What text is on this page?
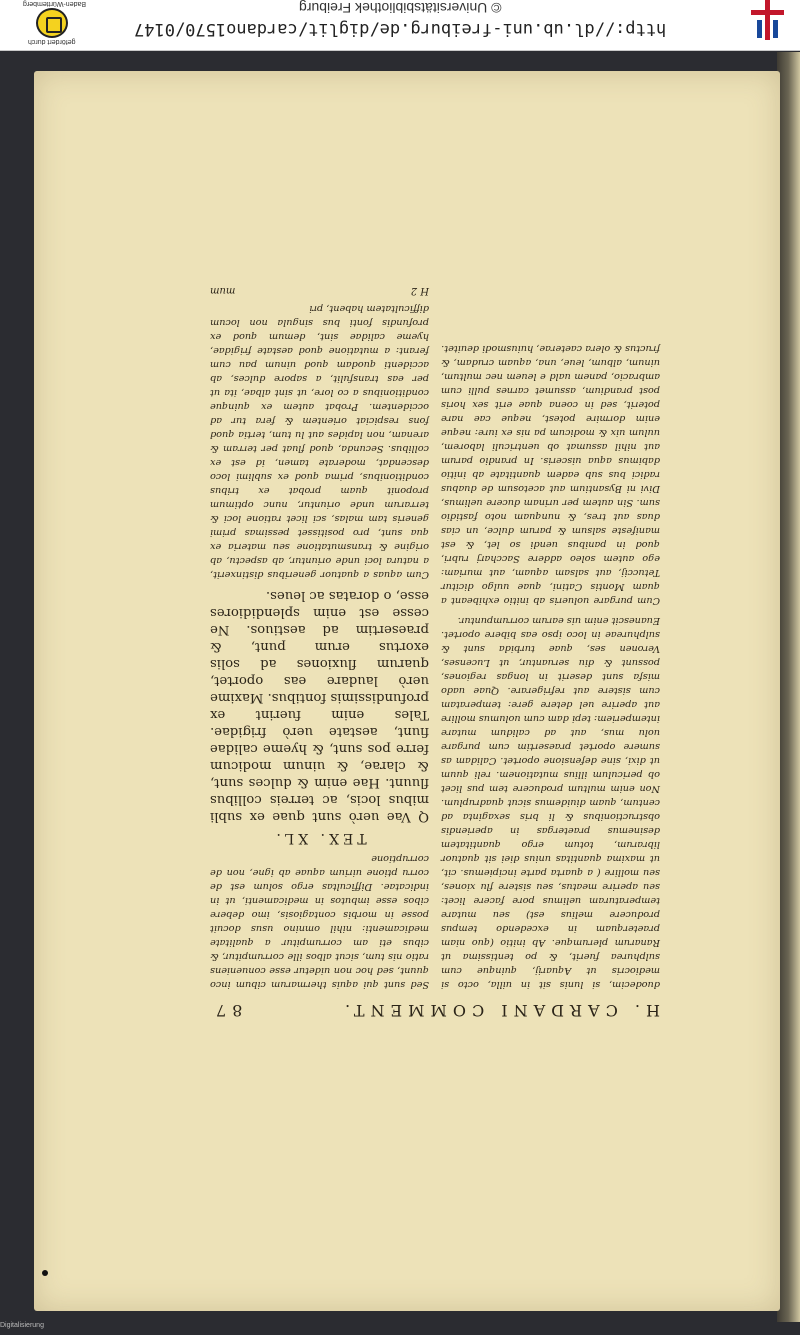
© Universitätsbibliothek Freiburg
http://dl.ub.uni-freiburg.de/diglit/cardano1570/0147
Baden-Württemberg
gefördert durch
H. CARDANI COMMENT.
87
duodecim, si lunis sit in uilla, octo si mediocris ut Aquarij, quinque cum sulphurea fuerit, & po tentissima ut Ranarum plerumque. Ab initio (quo niam praeterquam in excedendo tempus producere melius est) seu mutare temperaturam uelimus pore facere licet: seu aperire meatus, seu sistere flu xiones, seu mollire ( a quarta parte incipiemus. cit, ut maxima quantitas unius diei sit quatuor librarum, totum ergo quantitatem desinemus praetergas in aperiendis obstructionibus & li bris sexaginta ad centum, quam diuidemus sicut quadruplum. Non enim multum producere tem pus licet ob periculum illius mutationem. reli quum ut dixi, sine defensione oportet. Calidam as sumere oportet praesertim cum purgare uolu mus, aut ad calidum mutare intemperiem: tepi dam cum uolumus mollire aut aperire uel detere gere: temperatam cum sistere aut refrigerare. Quae uado misfa sunt deserit in longas regiones, possunt & diu seruantur, ut Lucenses, Veronen ses, quae turbida sunt & sulphureae in loco ipso eas bibere oportet. Euanescit enim uis earum corrumpuntur.
Cum purgare uolueris ab initio exhibeant a quam Montis Catini, quae uulgo dicitur Tetuccij, aut salsam aquam, aut muriam: ego autem soleo addere Saccharj rubri, quod in panibus uendi so let, & est manifeste salsum & parum dulce, un cias duas aut tres, & nunquam noto fastidio sum. Sin autem per urinam ducere uelimus, Divi ni Bysantium aut acetosum de duabus radici bus sub eadem quantitate ab initio dabimus aqua uisceris. In prandio parum aut nihil assumat ob uentriculi laborem, uulum uix & modicum pa nis ex iure: neque enim dormire potest, neque cae nare poterit, sed in coena quae erit sex horis post prandium, assumet carnes pulli cum ambracio, panem uald e leuem nec multum, uinum, album, leue, una, aquam crudam, & fructus & olera caeterae, huiusmodi deuitet.
Sed sunt qui aquis thermarum cibum inco quunt, sed hoc non uidetur esse conueniens ratio nis tum, sicut albos ille corrumpitur, & cibus eti am corrumpitur a qualitate medicamenti: nihil omnino usus docuit posse in morbis contagiosis, imo debere cibos esse imbutos in medicamenti, ut in indicatae. Difficultas ergo solum est de corru ptione uirium aquae ab igne, non de corruptione
TEX. XL.
Q Vae uerò sunt quae ex subli mibus locis, ac terreis collibus fluunt. Hae enim & dulces sunt, & clarae, & uinum modicum ferre pos sunt, & hyeme calidae fiunt, aestate uerò frigidae. Tales enim fuerint ex profundissimis fontibus. Maxime uerò laudare eas oportet, quarum fluxiones ad solis exortus erum punt, & praesertim ad aestiuos. Ne cesse est enim splendidiores esse, o doratas ac leues.
Cum aquas a quatuor generibus distinxerit, a natura loci unde oriuntur, ab aspectu, ab origine & transmutatione seu materia ex qua sunt, pro positisset pessimas primi generis tam malas, sci licet ratione loci & terrarum unde oriuntur, nunc optimum proponit quam probat ex tribus conditionibus, prima quod ex sublimi loco descendat, moderate tamen, id est ex collibus. Secunda, quod fluat per terram & arenam, non lapides aut lu tum, tertia quod fons respiciat orientem & fera tur ad occidentem. Probat autem ex quinque conditionibus a co lore, ut sint albae, ita ut per eas transfulit, a sapore dulces, ab accidenti quodam quod uinum pau cum ferant: a mutatione quod aestate frigidae, hyeme calidae sint, demum quod ex profundis fonti bus singula non locum difficultatem habent, pri
H 2
mum
Digitalisierung
